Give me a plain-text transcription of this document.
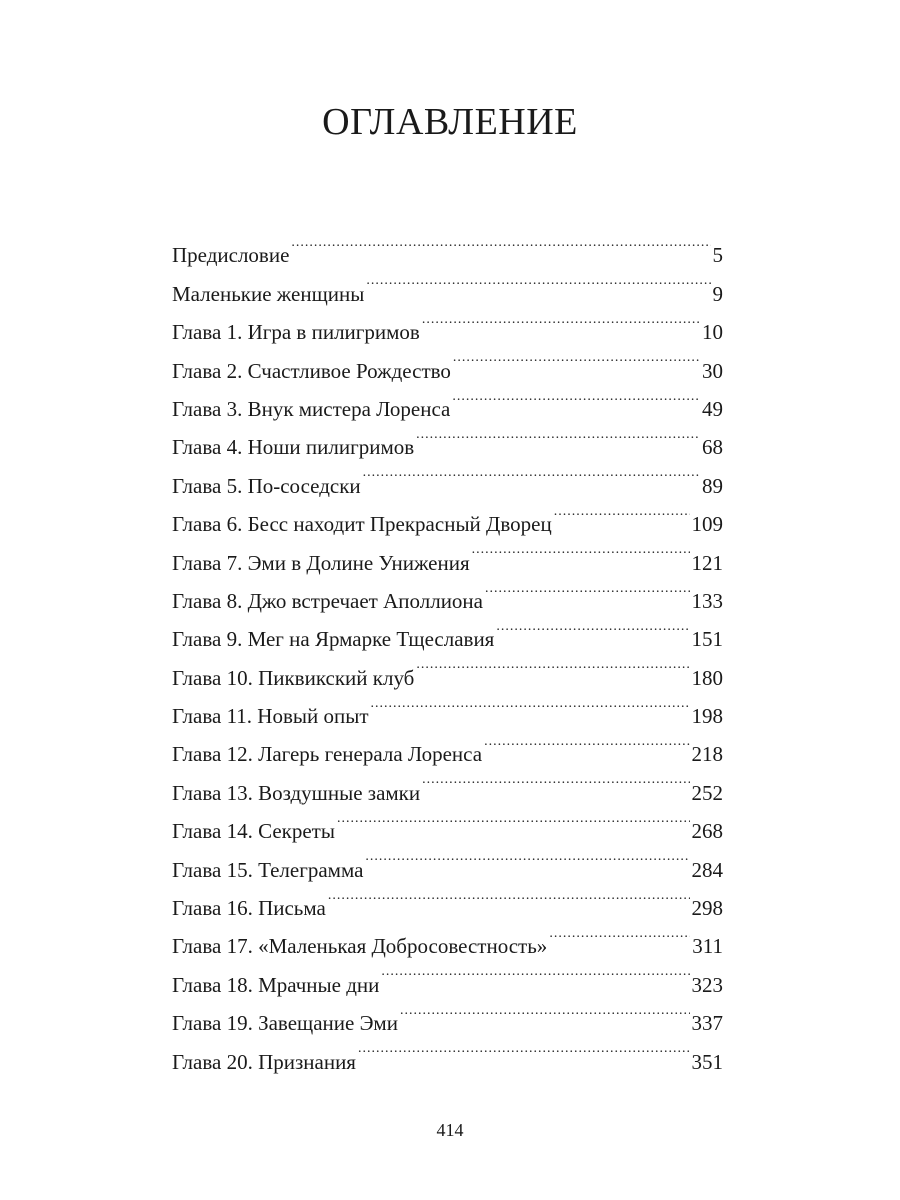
ОГЛАВЛЕНИЕ
Предисловие .....	5
Маленькие женщины .....	9
Глава 1. Игра в пилигримов .....	10
Глава 2. Счастливое Рождество .....	30
Глава 3. Внук мистера Лоренса .....	49
Глава 4. Ноши пилигримов .....	68
Глава 5. По-соседски .....	89
Глава 6. Бесс находит Прекрасный Дворец .....	109
Глава 7. Эми в Долине Унижения .....	121
Глава 8. Джо встречает Аполлиона .....	133
Глава 9. Мег на Ярмарке Тщеславия .....	151
Глава 10. Пиквикский клуб .....	180
Глава 11. Новый опыт .....	198
Глава 12. Лагерь генерала Лоренса .....	218
Глава 13. Воздушные замки .....	252
Глава 14. Секреты .....	268
Глава 15. Телеграмма .....	284
Глава 16. Письма .....	298
Глава 17. «Маленькая Добросовестность» .....	311
Глава 18. Мрачные дни .....	323
Глава 19. Завещание Эми .....	337
Глава 20. Признания .....	351
414
